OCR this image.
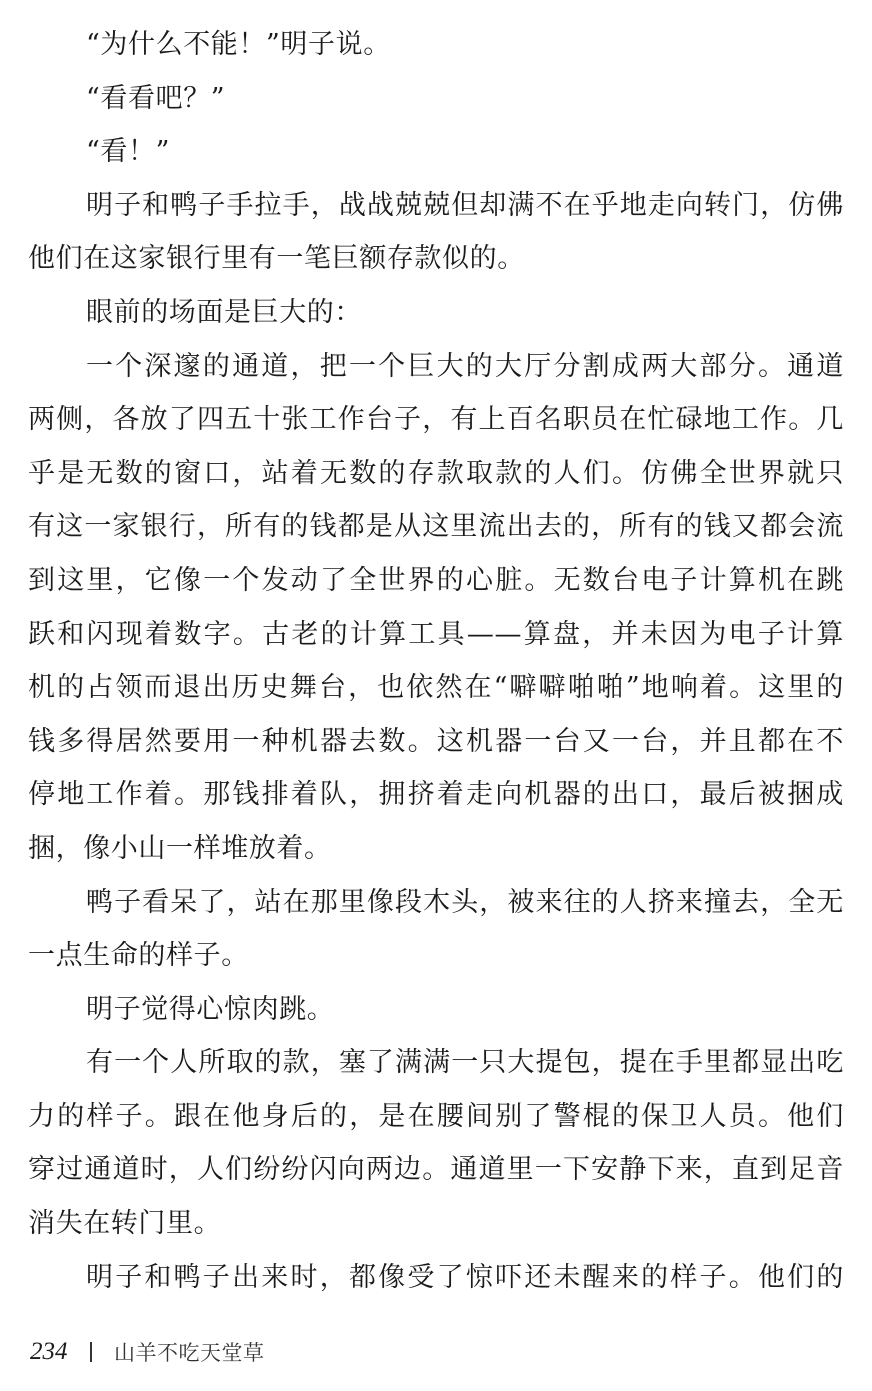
“为什么不能！”明子说。
“看看吧？”
“看！”
明子和鸭子手拉手，战战兢兢但却满不在乎地走向转门，仿佛
他们在这家银行里有一笔巨额存款似的。
眼前的场面是巨大的：
一个深邃的通道，把一个巨大的大厅分割成两大部分。通道
两侧，各放了四五十张工作台子，有上百名职员在忙碌地工作。几
乎是无数的窗口，站着无数的存款取款的人们。仿佛全世界就只
有这一家银行，所有的钱都是从这里流出去的，所有的钱又都会流
到这里，它像一个发动了全世界的心脏。无数台电子计算机在跳
跃和闪现着数字。古老的计算工具——算盘，并未因为电子计算
机的占领而退出历史舞台，也依然在“噼噼啪啪”地响着。这里的
钱多得居然要用一种机器去数。这机器一台又一台，并且都在不
停地工作着。那钱排着队，拥挤着走向机器的出口，最后被捆成
捆，像小山一样堆放着。
鸭子看呆了，站在那里像段木头，被来往的人挤来撞去，全无
一点生命的样子。
明子觉得心惊肉跳。
有一个人所取的款，塞了满满一只大提包，提在手里都显出吃
力的样子。跟在他身后的，是在腰间别了警棍的保卫人员。他们
穿过通道时，人们纷纷闪向两边。通道里一下安静下来，直到足音
消失在转门里。
明子和鸭子出来时，都像受了惊吓还未醒来的样子。他们的
234	山羊不吃天堂草
